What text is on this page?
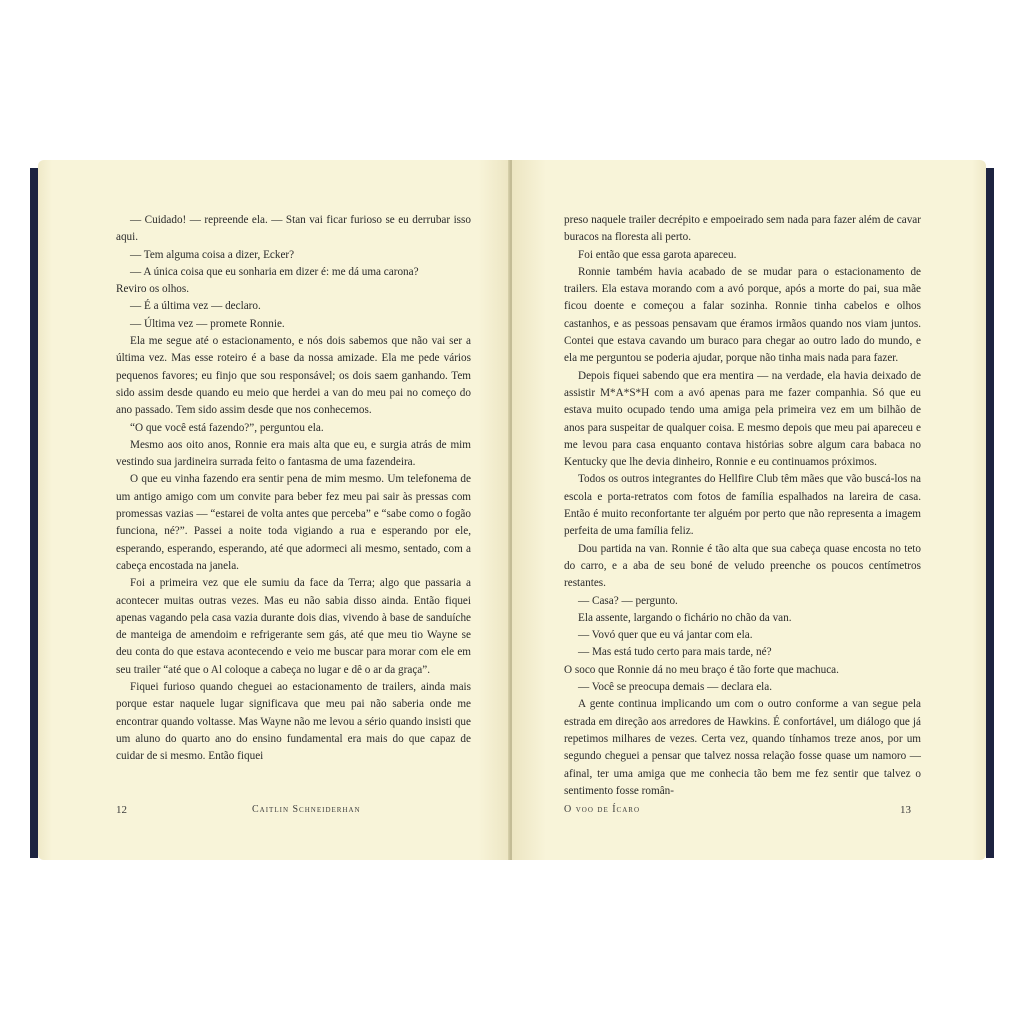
— Cuidado! — repreende ela. — Stan vai ficar furioso se eu derrubar isso aqui.

— Tem alguma coisa a dizer, Ecker?

— A única coisa que eu sonharia em dizer é: me dá uma carona?

Reviro os olhos.

— É a última vez — declaro.

— Última vez — promete Ronnie.

Ela me segue até o estacionamento, e nós dois sabemos que não vai ser a última vez. Mas esse roteiro é a base da nossa amizade. Ela me pede vários pequenos favores; eu finjo que sou responsável; os dois saem ganhando. Tem sido assim desde quando eu meio que herdei a van do meu pai no começo do ano passado. Tem sido assim desde que nos conhecemos.

“O que você está fazendo?”, perguntou ela.

Mesmo aos oito anos, Ronnie era mais alta que eu, e surgia atrás de mim vestindo sua jardineira surrada feito o fantasma de uma fazendeira.

O que eu vinha fazendo era sentir pena de mim mesmo. Um telefonema de um antigo amigo com um convite para beber fez meu pai sair às pressas com promessas vazias — “estarei de volta antes que perceba” e “sabe como o fogão funciona, né?”. Passei a noite toda vigiando a rua e esperando por ele, esperando, esperando, esperando, até que adormeci ali mesmo, sentado, com a cabeça encostada na janela.

Foi a primeira vez que ele sumiu da face da Terra; algo que passaria a acontecer muitas outras vezes. Mas eu não sabia disso ainda. Então fiquei apenas vagando pela casa vazia durante dois dias, vivendo à base de sanduíche de manteiga de amendoim e refrigerante sem gás, até que meu tio Wayne se deu conta do que estava acontecendo e veio me buscar para morar com ele em seu trailer “até que o Al coloque a cabeça no lugar e dê o ar da graça”.

Fiquei furioso quando cheguei ao estacionamento de trailers, ainda mais porque estar naquele lugar significava que meu pai não saberia onde me encontrar quando voltasse. Mas Wayne não me levou a sério quando insisti que um aluno do quarto ano do ensino fundamental era mais do que capaz de cuidar de si mesmo. Então fiquei

12	Caitlin Schneiderhan

preso naquele trailer decrépito e empoeirado sem nada para fazer além de cavar buracos na floresta ali perto.

Foi então que essa garota apareceu.

Ronnie também havia acabado de se mudar para o estacionamento de trailers. Ela estava morando com a avó porque, após a morte do pai, sua mãe ficou doente e começou a falar sozinha. Ronnie tinha cabelos e olhos castanhos, e as pessoas pensavam que éramos irmãos quando nos viam juntos. Contei que estava cavando um buraco para chegar ao outro lado do mundo, e ela me perguntou se poderia ajudar, porque não tinha mais nada para fazer.

Depois fiquei sabendo que era mentira — na verdade, ela havia deixado de assistir M*A*S*H com a avó apenas para me fazer companhia. Só que eu estava muito ocupado tendo uma amiga pela primeira vez em um bilhão de anos para suspeitar de qualquer coisa. E mesmo depois que meu pai apareceu e me levou para casa enquanto contava histórias sobre algum cara babaca no Kentucky que lhe devia dinheiro, Ronnie e eu continuamos próximos.

Todos os outros integrantes do Hellfire Club têm mães que vão buscá-los na escola e porta-retratos com fotos de família espalhados na lareira de casa. Então é muito reconfortante ter alguém por perto que não representa a imagem perfeita de uma família feliz.

Dou partida na van. Ronnie é tão alta que sua cabeça quase encosta no teto do carro, e a aba de seu boné de veludo preenche os poucos centímetros restantes.

— Casa? — pergunto.

Ela assente, largando o fichário no chão da van.

— Vovó quer que eu vá jantar com ela.

— Mas está tudo certo para mais tarde, né?

O soco que Ronnie dá no meu braço é tão forte que machuca.

— Você se preocupa demais — declara ela.

A gente continua implicando um com o outro conforme a van segue pela estrada em direção aos arredores de Hawkins. É confortável, um diálogo que já repetimos milhares de vezes. Certa vez, quando tínhamos treze anos, por um segundo cheguei a pensar que talvez nossa relação fosse quase um namoro — afinal, ter uma amiga que me conhecia tão bem me fez sentir que talvez o sentimento fosse român-

O voo de Ícaro	13
